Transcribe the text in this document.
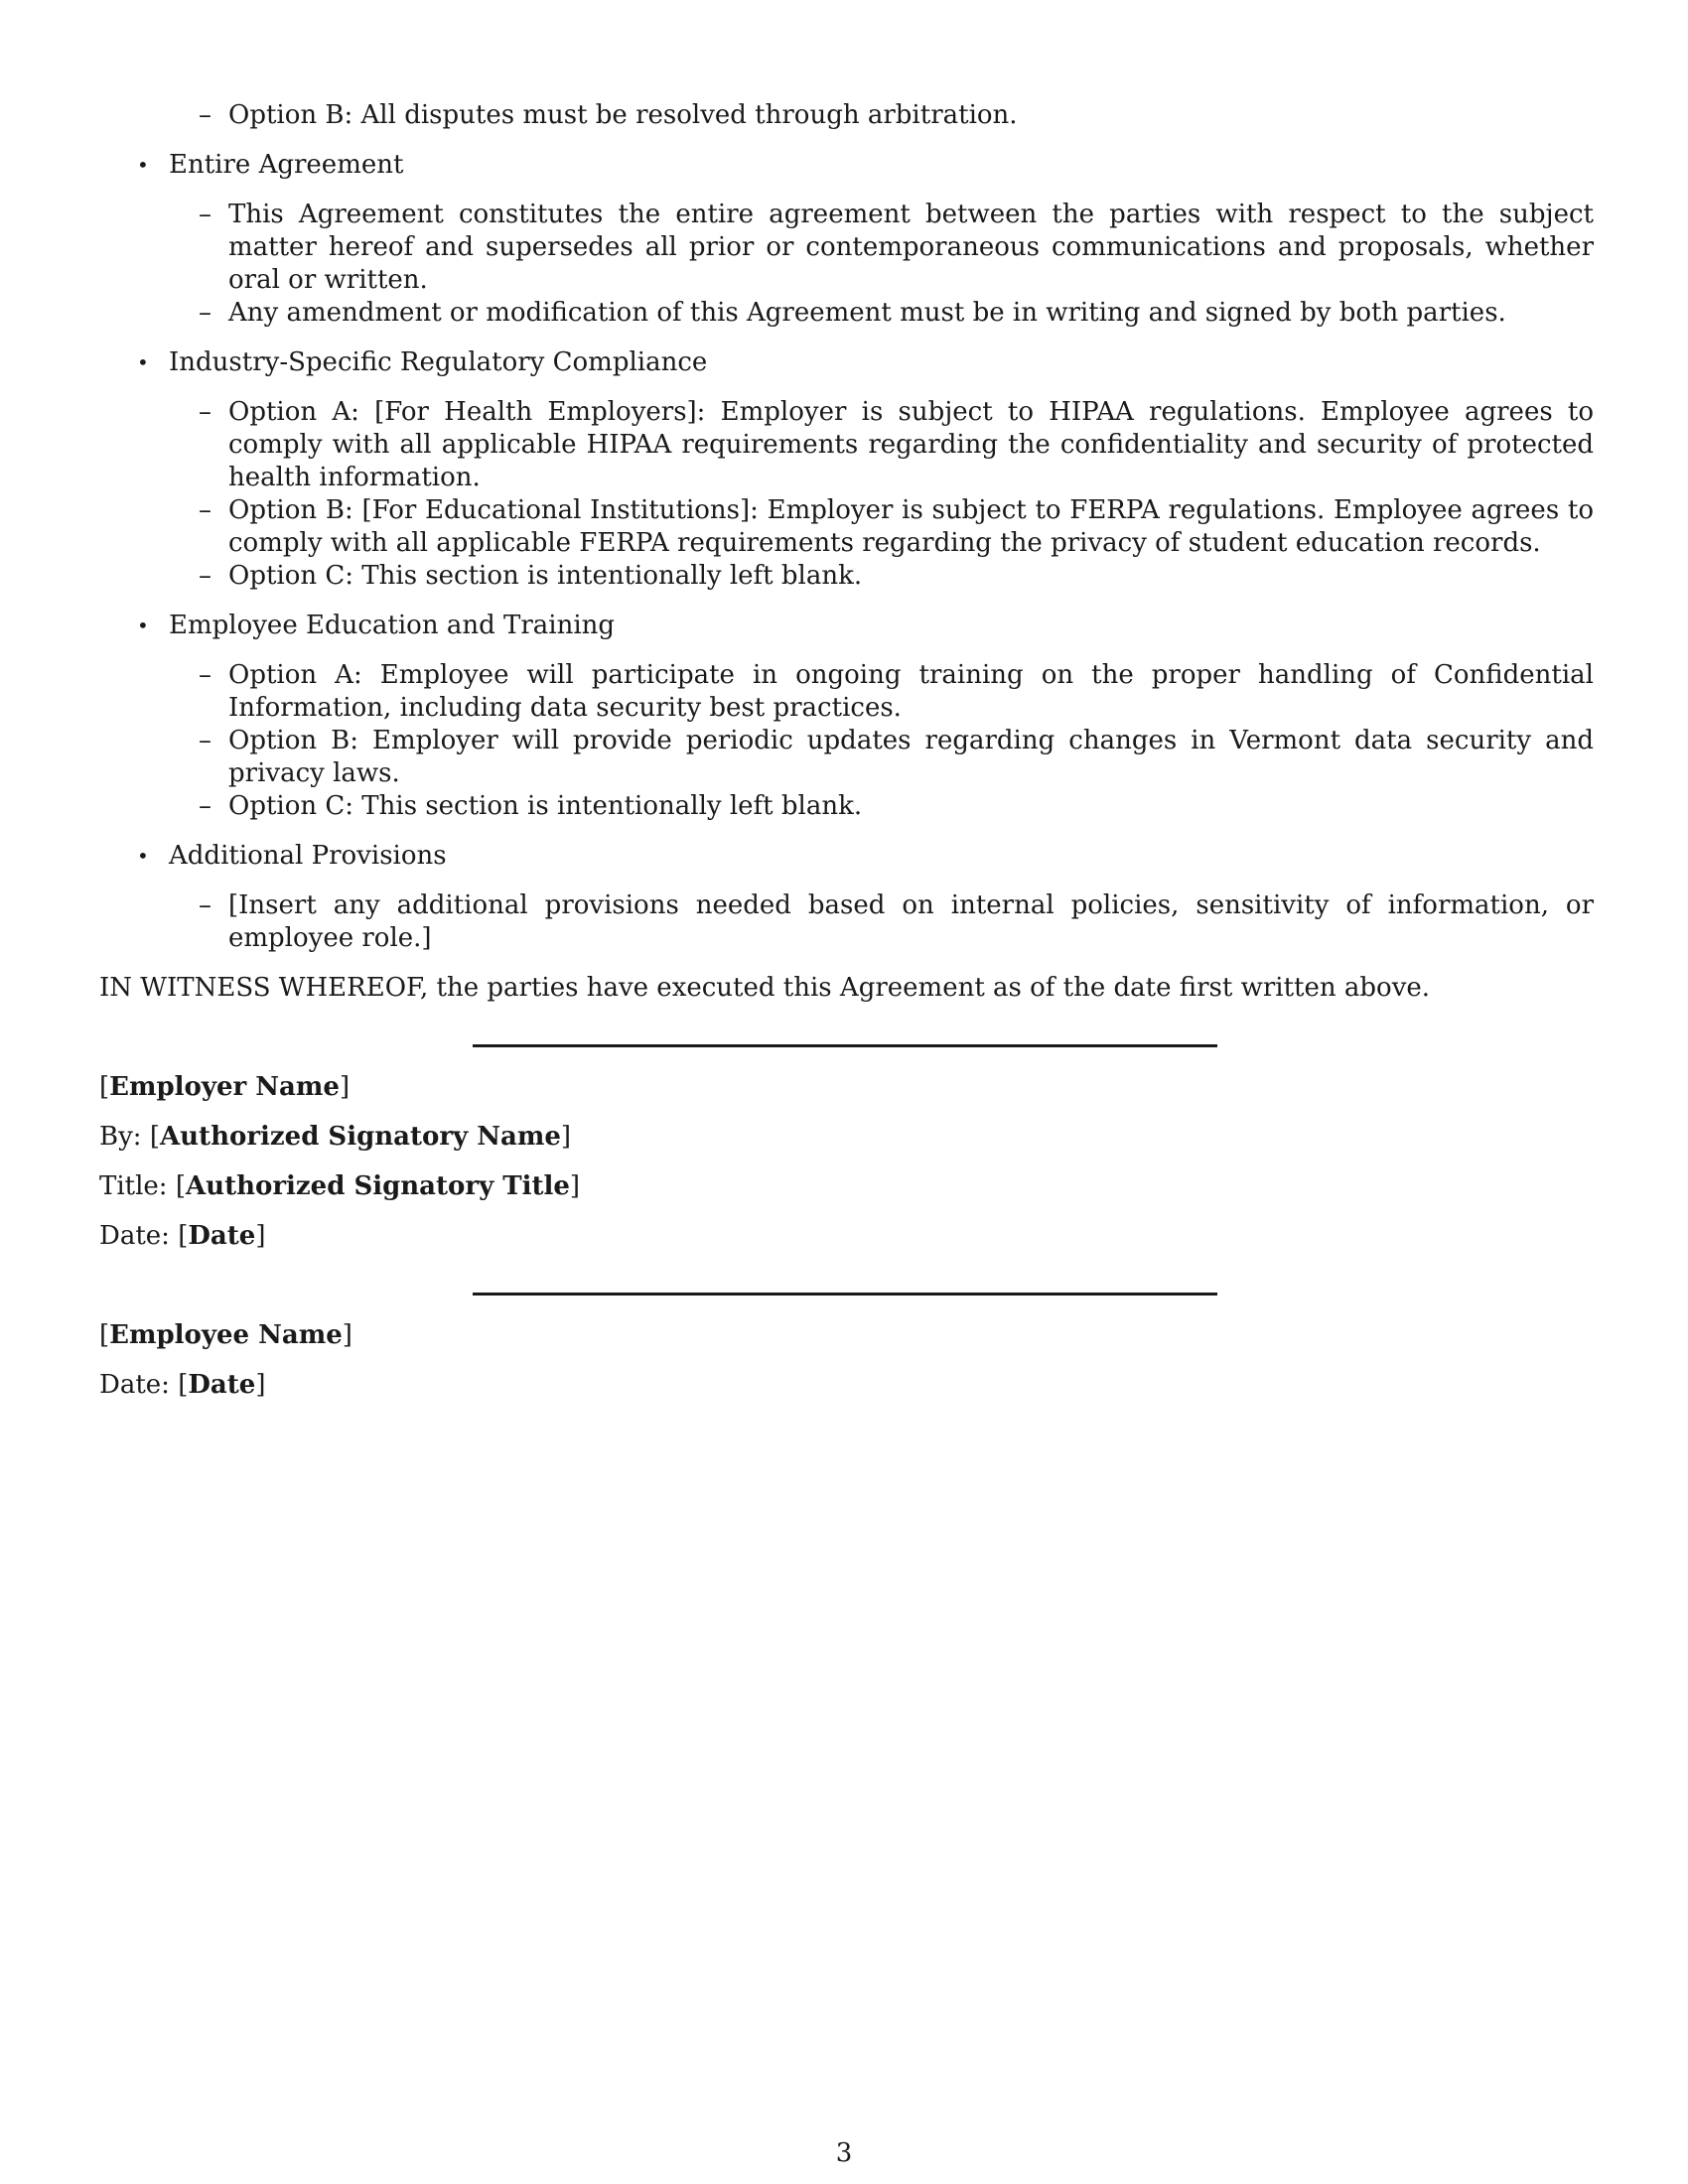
– Option B: All disputes must be resolved through arbitration.
• Entire Agreement
– This Agreement constitutes the entire agreement between the parties with respect to the subject matter hereof and supersedes all prior or contemporaneous communications and proposals, whether oral or written.
– Any amendment or modification of this Agreement must be in writing and signed by both parties.
• Industry-Specific Regulatory Compliance
– Option A: [For Health Employers]: Employer is subject to HIPAA regulations. Employee agrees to comply with all applicable HIPAA requirements regarding the confidentiality and security of protected health information.
– Option B: [For Educational Institutions]: Employer is subject to FERPA regulations. Employee agrees to comply with all applicable FERPA requirements regarding the privacy of student education records.
– Option C: This section is intentionally left blank.
• Employee Education and Training
– Option A: Employee will participate in ongoing training on the proper handling of Confidential Information, including data security best practices.
– Option B: Employer will provide periodic updates regarding changes in Vermont data security and privacy laws.
– Option C: This section is intentionally left blank.
• Additional Provisions
– [Insert any additional provisions needed based on internal policies, sensitivity of information, or employee role.]
IN WITNESS WHEREOF, the parties have executed this Agreement as of the date first written above.
[Employer Name]
By: [Authorized Signatory Name]
Title: [Authorized Signatory Title]
Date: [Date]
[Employee Name]
Date: [Date]
3
